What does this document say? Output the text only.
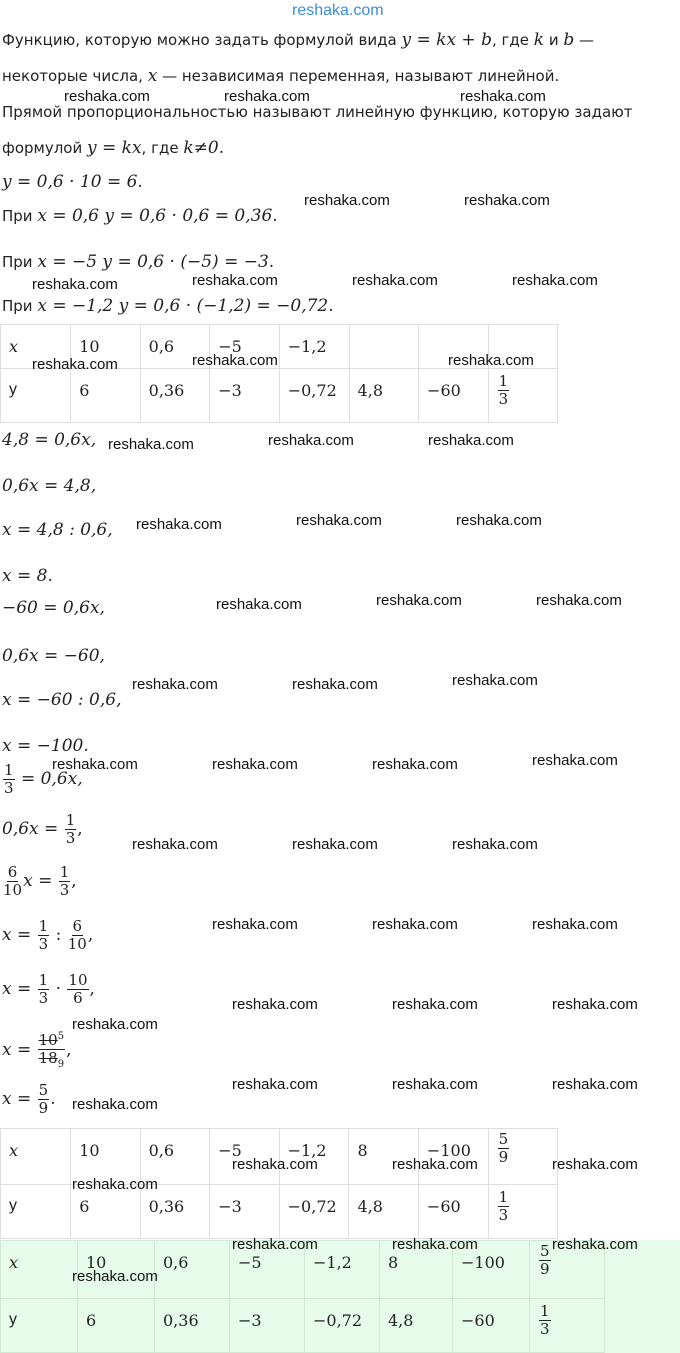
reshaka.com
Функцию, которую можно задать формулой вида y = kx + b, где k и b —
некоторые числа, x — независимая переменная, называют линейной.
Прямой пропорциональностью называют линейную функцию, которую задают
формулой y = kx, где k≠0.
y = 0,6 · 10 = 6.
При x = 0,6 y = 0,6 · 0,6 = 0,36.
При x = −5 y = 0,6 · (−5) = −3.
При x = −1,2 y = 0,6 · (−1,2) = −0,72.
x	10	0,6	−5	−1,2			
y	6	0,36	−3	−0,72	4,8	−60	$\frac{1}{3}$
4,8 = 0,6x,
0,6x = 4,8,
x = 4,8 : 0,6,
x = 8.
−60 = 0,6x,
0,6x = −60,
x = −60 : 0,6,
x = −100.
$\frac{1}{3} = 0,6x$,
$0,6x = \frac{1}{3}$ ,
$\frac{6}{10}$ $x = \frac{1}{3}$ ,
$x = \frac{1}{3}$ : $\frac{6}{10}$ ,
$x = \frac{1}{3} \cdot \frac{10}{6}$ ,
$x = \frac{10^5}{18_9}$ ,
$x = \frac{5}{9}$ .
x	10	0,6	−5	−1,2	8	−100	$\frac{5}{9}$

y	6	0,36	−3	−0,72	4,8	−60	$\frac{1}{3}$
x	10	0,6	−5	−1,2	8	−100	$\frac{5}{9}$

y	6	0,36	−3	−0,72	4,8	−60	$\frac{1}{3}$

reshaka.com	reshaka.com	reshaka.com
reshaka.com	reshaka.com
reshaka.com	reshaka.com	reshaka.com	reshaka.com
reshaka.com	reshaka.com	reshaka.com
reshaka.com	reshaka.com	reshaka.com
reshaka.com	reshaka.com	reshaka.com
reshaka.com	reshaka.com	reshaka.com
reshaka.com	reshaka.com	reshaka.com
reshaka.com	reshaka.com	reshaka.com	reshaka.com
reshaka.com	reshaka.com	reshaka.com
reshaka.com	reshaka.com	reshaka.com
reshaka.com	reshaka.com	reshaka.com
reshaka.com
reshaka.com	reshaka.com	reshaka.com
reshaka.com
reshaka.com	reshaka.com	reshaka.com
reshaka.com
reshaka.com	reshaka.com	reshaka.com
reshaka.com
